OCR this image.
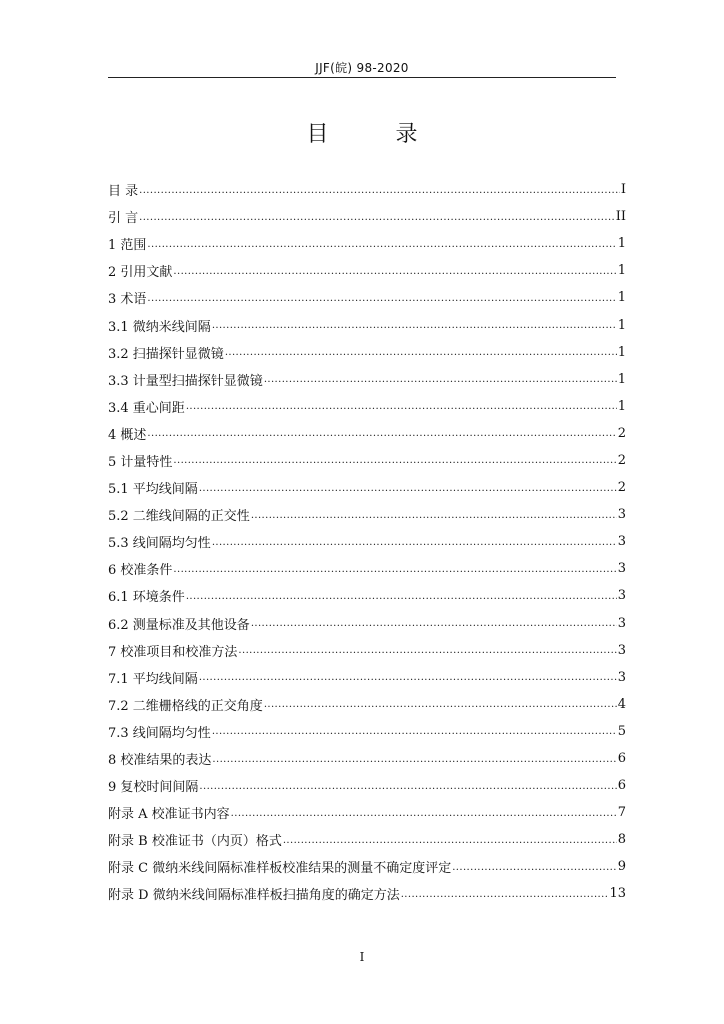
JJF(皖) 98-2020
目 录
目 录 .....	I
引 言 .....	II
1 范围 .....	1
2 引用文献 .....	1
3 术语 .....	1
3.1 微纳米线间隔 .....	1
3.2 扫描探针显微镜 .....	1
3.3 计量型扫描探针显微镜 .....	1
3.4 重心间距 .....	1
4 概述 .....	2
5 计量特性 .....	2
5.1 平均线间隔 .....	2
5.2 二维线间隔的正交性 .....	3
5.3 线间隔均匀性 .....	3
6 校准条件 .....	3
6.1 环境条件 .....	3
6.2 测量标准及其他设备 .....	3
7 校准项目和校准方法 .....	3
7.1 平均线间隔 .....	3
7.2 二维栅格线的正交角度 .....	4
7.3 线间隔均匀性 .....	5
8 校准结果的表达 .....	6
9 复校时间间隔 .....	6
附录 A 校准证书内容 .....	7
附录 B 校准证书（内页）格式 .....	8
附录 C 微纳米线间隔标准样板校准结果的测量不确定度评定 .....	9
附录 D 微纳米线间隔标准样板扫描角度的确定方法 .....	13
I
